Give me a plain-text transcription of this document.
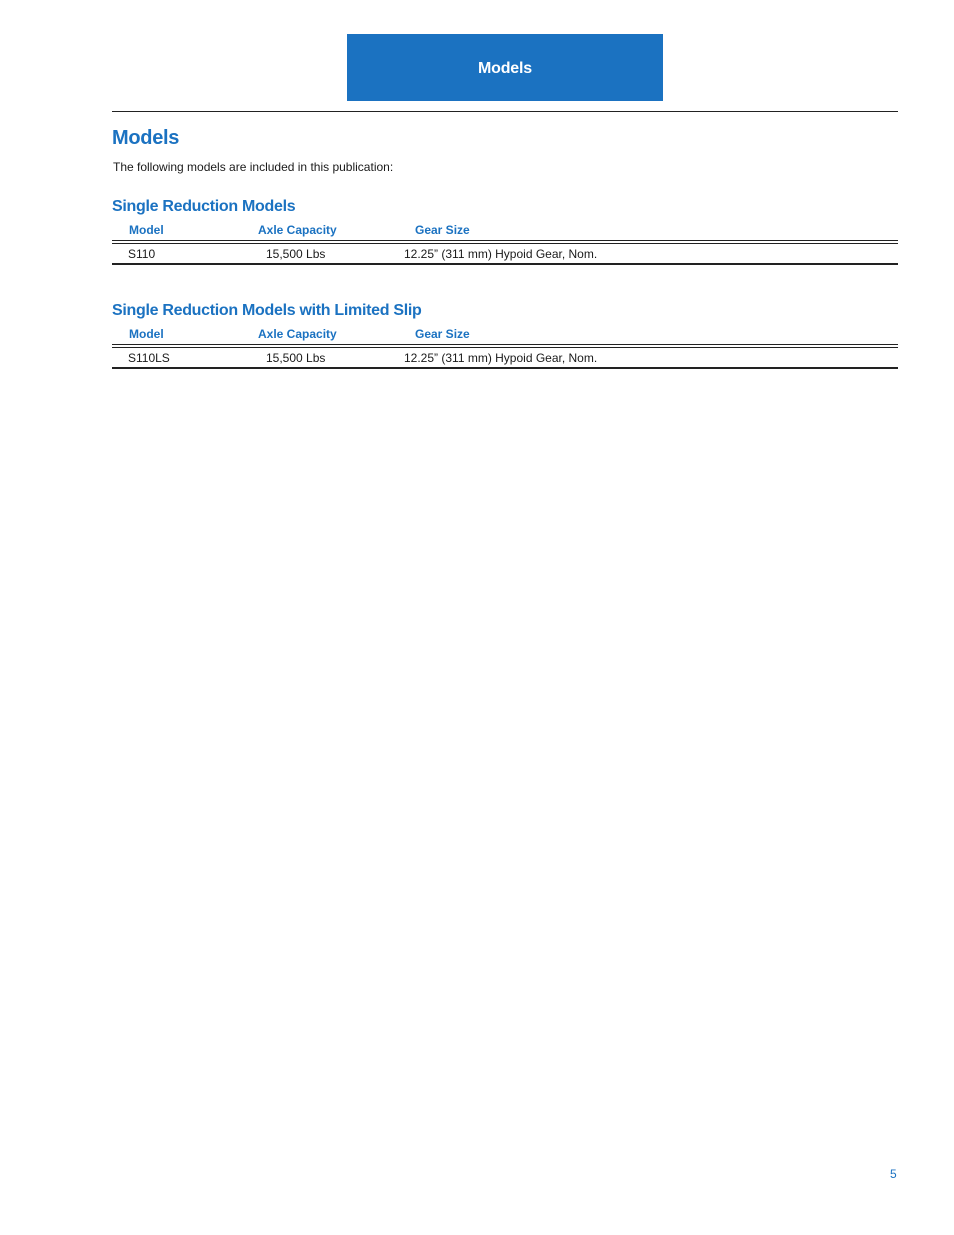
Models
Models

The following models are included in this publication:

Single Reduction Models
Model	Axle Capacity	Gear Size
S110	15,500 Lbs	12.25” (311 mm) Hypoid Gear, Nom.
Single Reduction Models with Limited Slip
Model	Axle Capacity	Gear Size
S110LS	15,500 Lbs	12.25” (311 mm) Hypoid Gear, Nom.
5
